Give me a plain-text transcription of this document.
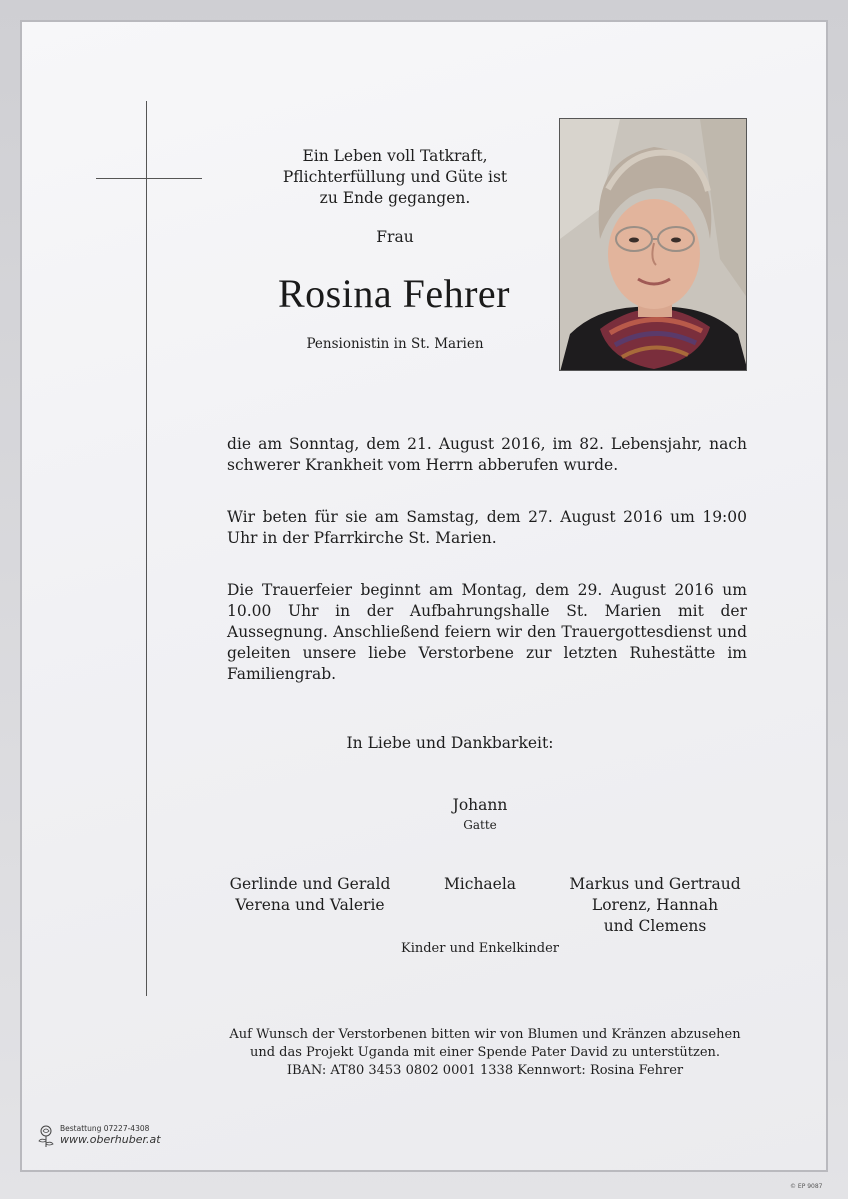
Ein Leben voll Tatkraft,
Pflichterfüllung und Güte ist
zu Ende gegangen.
Frau
Rosina Fehrer
Pensionistin in St. Marien
die am Sonntag, dem 21. August 2016, im 82. Lebensjahr, nach schwerer Krankheit vom Herrn abberufen wurde.
Wir beten für sie am Samstag, dem 27. August 2016 um 19:00 Uhr in der Pfarrkirche St. Marien.
Die Trauerfeier beginnt am Montag, dem 29. August 2016 um 10.00 Uhr in der Aufbahrungshalle St. Marien mit der Aussegnung. Anschließend feiern wir den Trauergottesdienst und geleiten unsere liebe Verstorbene zur letzten Ruhestätte im Familiengrab.
In Liebe und Dankbarkeit:
Johann
Gatte
Gerlinde und Gerald
Verena und Valerie
Michaela	Markus und Gertraud
Lorenz, Hannah
und Clemens
Kinder und Enkelkinder
Auf Wunsch der Verstorbenen bitten wir von Blumen und Kränzen abzusehen
und das Projekt Uganda mit einer Spende Pater David zu unterstützen.
IBAN: AT80 3453 0802 0001 1338 Kennwort: Rosina Fehrer
Bestattung 07227-4308
www.oberhuber.at
© EP 9087
